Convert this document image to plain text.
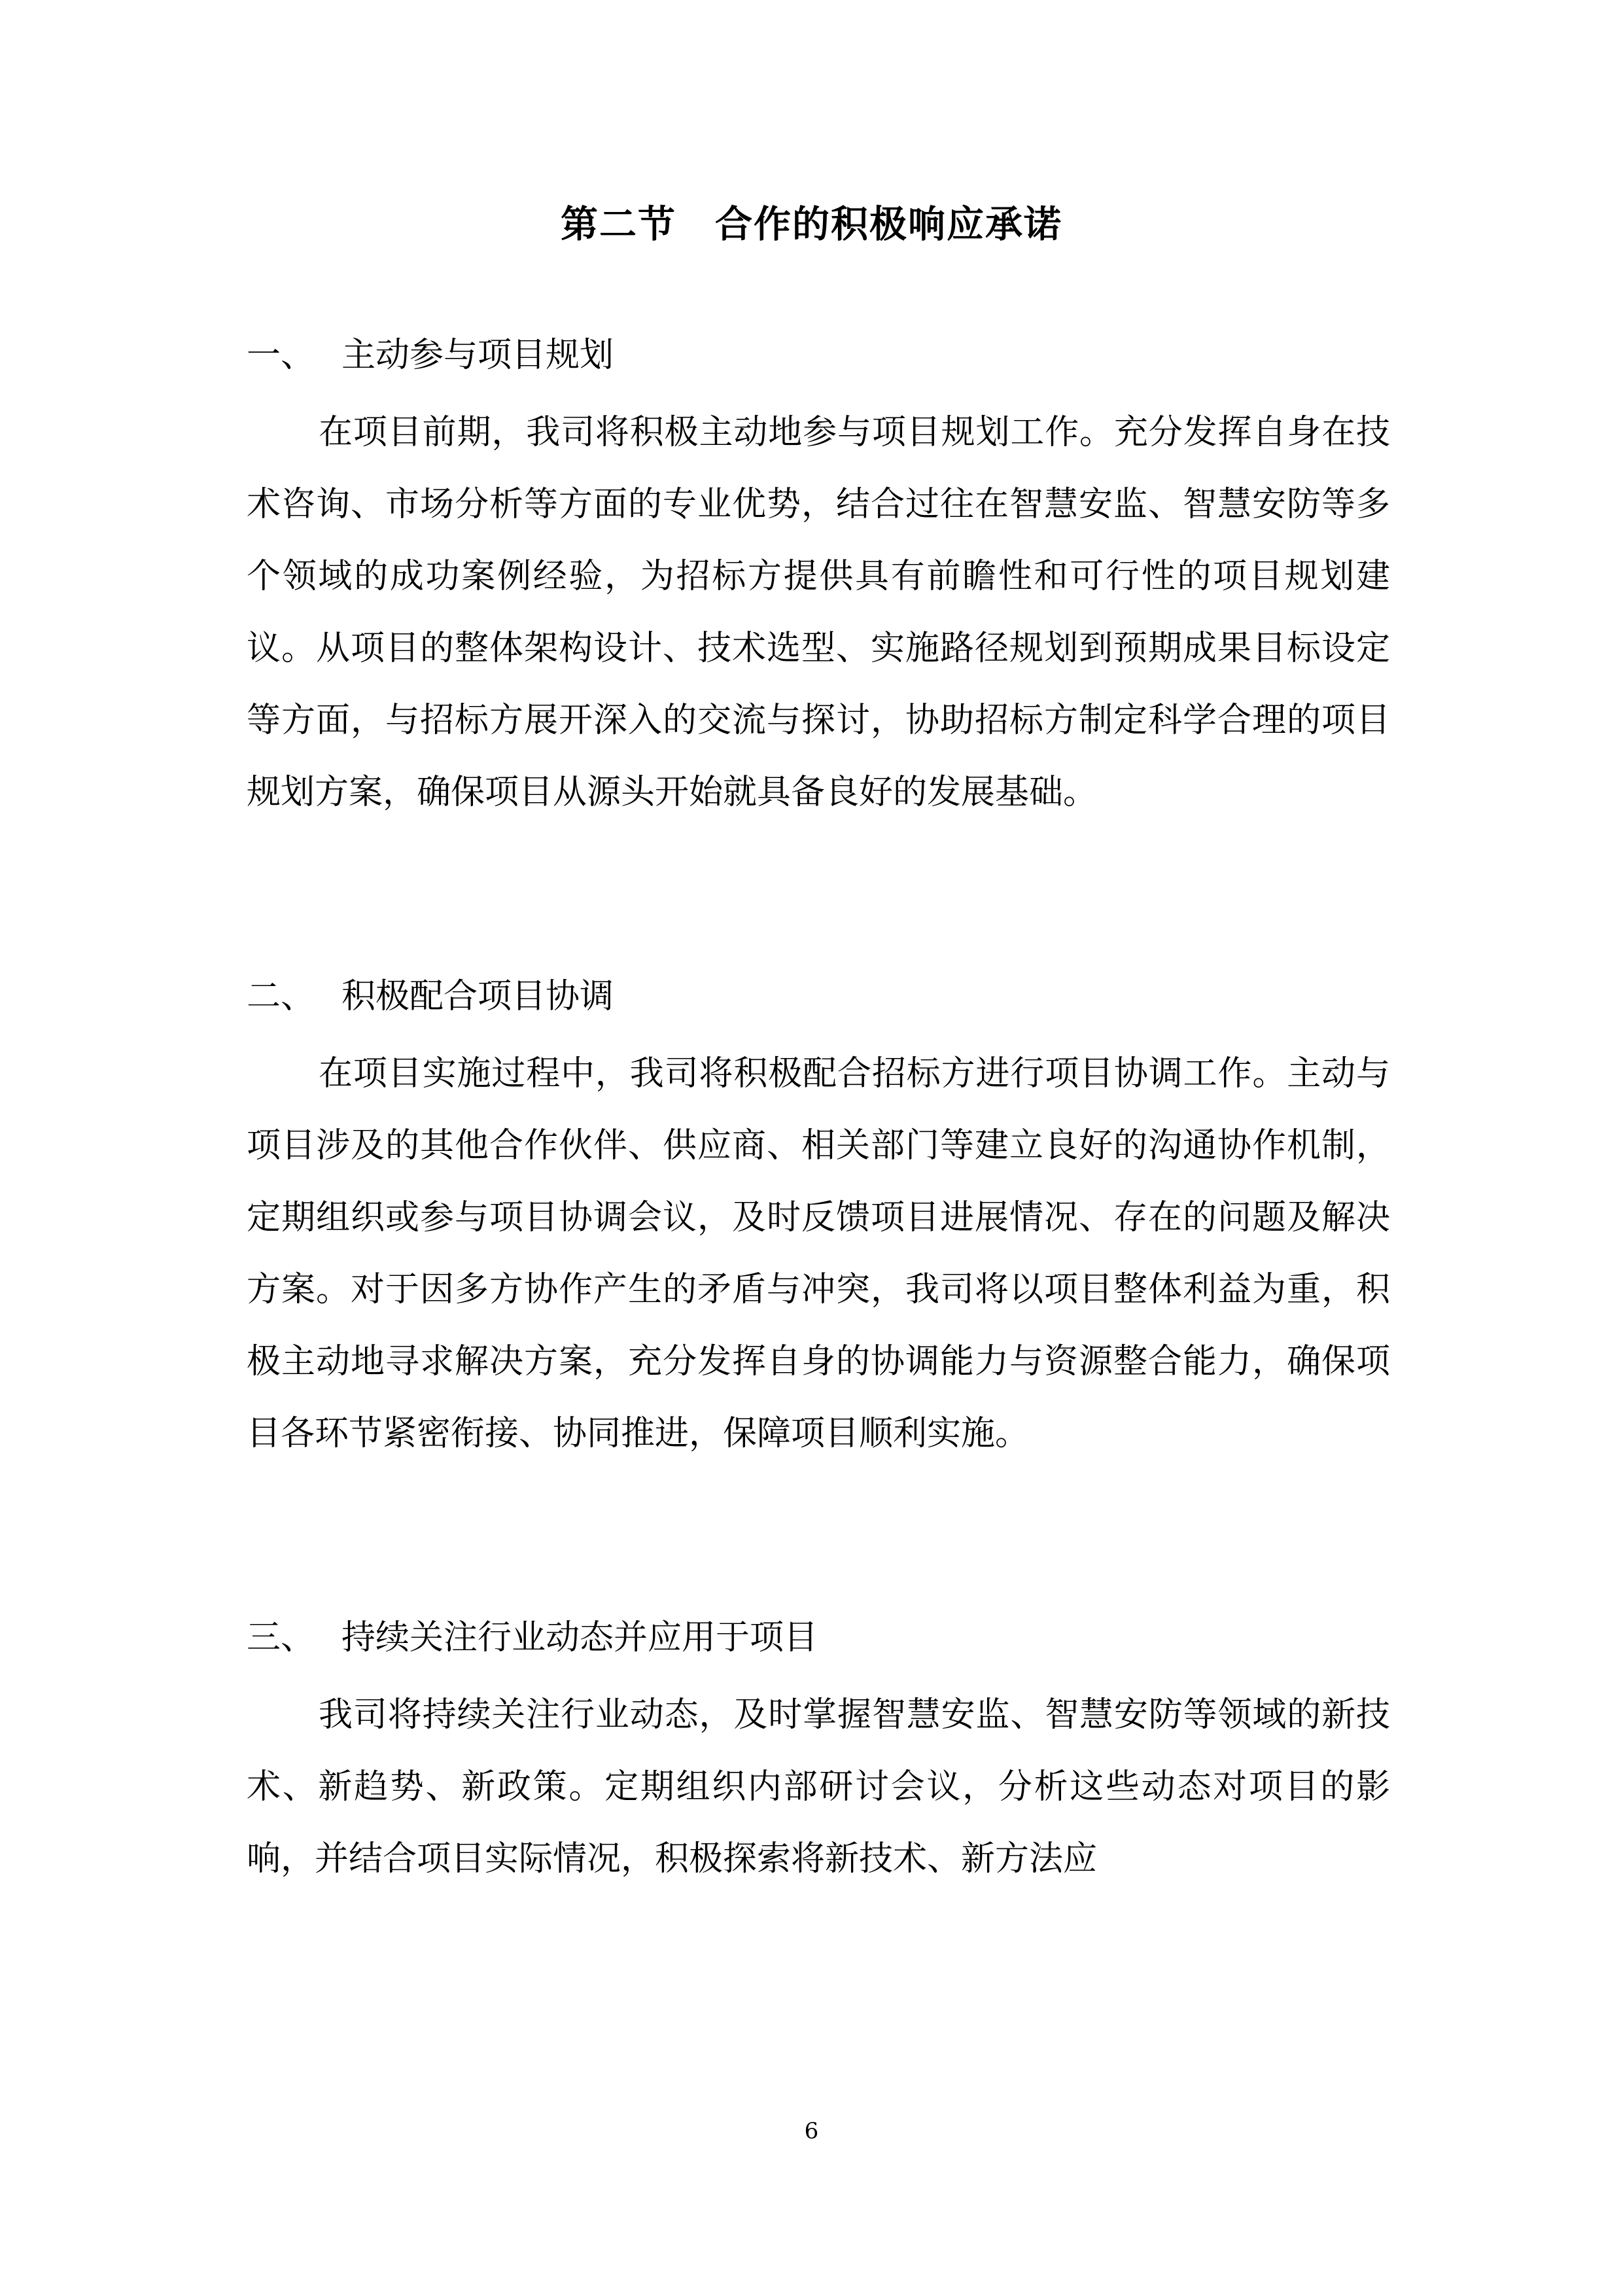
第二节　合作的积极响应承诺
一、 主动参与项目规划

在项目前期，我司将积极主动地参与项目规划工作。充分发挥自身在技术咨询、市场分析等方面的专业优势，结合过往在智慧安监、智慧安防等多个领域的成功案例经验，为招标方提供具有前瞻性和可行性的项目规划建议。从项目的整体架构设计、技术选型、实施路径规划到预期成果目标设定等方面，与招标方展开深入的交流与探讨，协助招标方制定科学合理的项目规划方案，确保项目从源头开始就具备良好的发展基础。

二、 积极配合项目协调

在项目实施过程中，我司将积极配合招标方进行项目协调工作。主动与项目涉及的其他合作伙伴、供应商、相关部门等建立良好的沟通协作机制，定期组织或参与项目协调会议，及时反馈项目进展情况、存在的问题及解决方案。对于因多方协作产生的矛盾与冲突，我司将以项目整体利益为重，积极主动地寻求解决方案，充分发挥自身的协调能力与资源整合能力，确保项目各环节紧密衔接、协同推进，保障项目顺利实施。

三、 持续关注行业动态并应用于项目

我司将持续关注行业动态，及时掌握智慧安监、智慧安防等领域的新技术、新趋势、新政策。定期组织内部研讨会议，分析这些动态对项目的影响，并结合项目实际情况，积极探索将新技术、新方法应

6
